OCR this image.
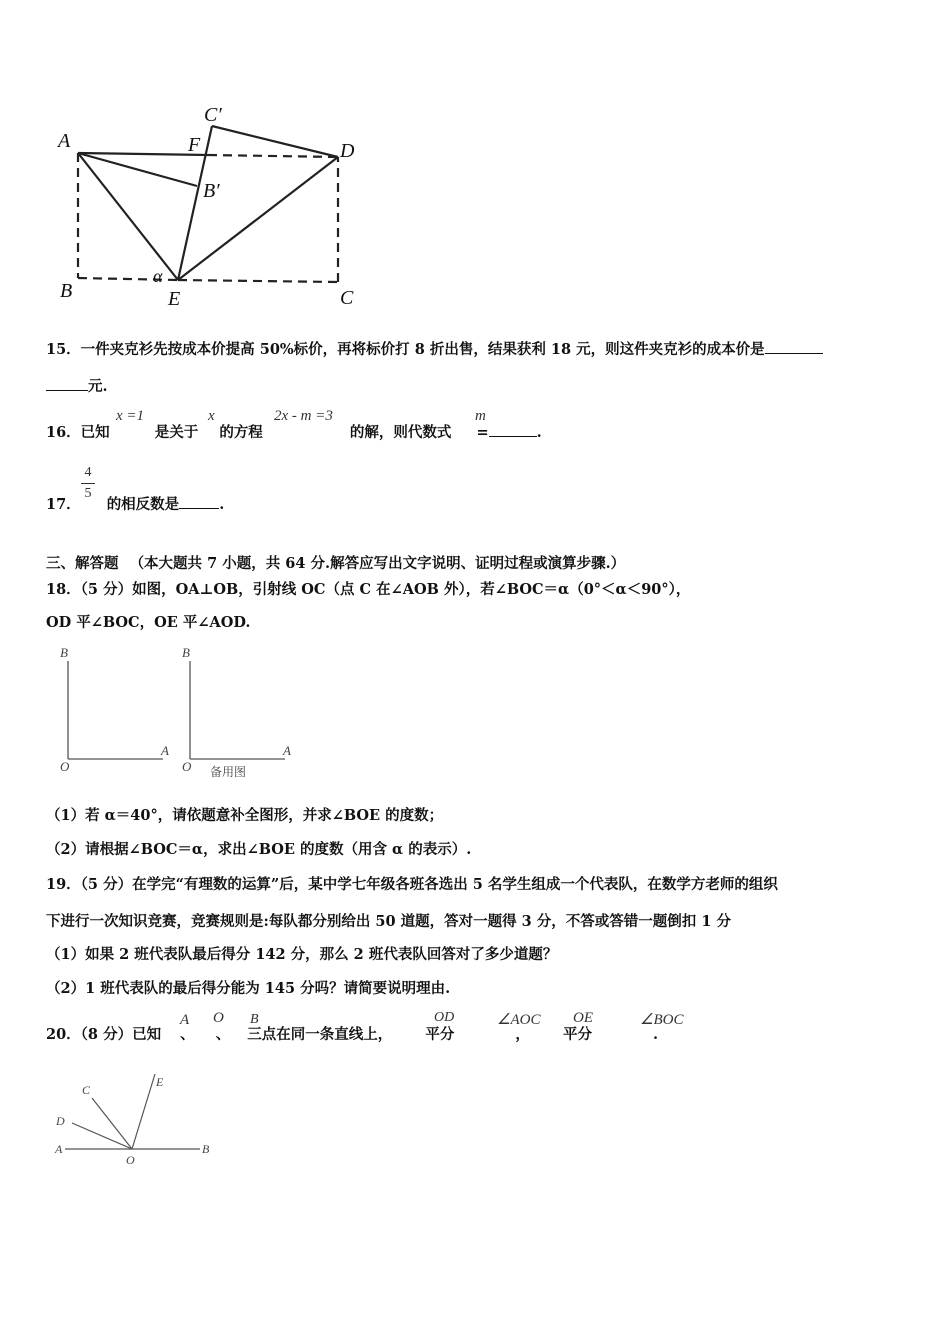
A	F
C′
D
B′
α
B	E	C
15．一件夹克衫先按成本价提高 50%标价，再将标价打 8 折出售，结果获利 18 元，则这件夹克衫的成本价是
元.
16．已知	是关于 的方程	的解，则代数式 =	.
x =1	x	2x - m =3	m
4
5
17． 的相反数是	.
三、解答题 （本大题共 7 小题，共 64 分.解答应写出文字说明、证明过程或演算步骤.）
18．（5 分）如图，OA⊥OB，引射线 OC（点 C 在∠AOB 外），若∠BOC＝α（0°＜α＜90°），
OD 平∠BOC，OE 平∠AOD.
B
A
O
B
A
O 备用图
（1）若 α＝40°，请依题意补全图形，并求∠BOE 的度数；
（2）请根据∠BOC＝α，求出∠BOE 的度数（用含 α 的表示）.
19．（5 分）在学完“有理数的运算”后，某中学七年级各班各选出 5 名学生组成一个代表队，在数学方老师的组织
下进行一次知识竞赛，竞赛规则是:每队都分别给出 50 道题，答对一题得 3 分，不答或答错一题倒扣 1 分
（1）如果 2 班代表队最后得分 142 分，那么 2 班代表队回答对了多少道题？
（2）1 班代表队的最后得分能为 145 分吗？请简要说明理由.
20．（8 分）已知 、 、 三点在同一条直线上， 平分	， 平分	.
A O B	OD	∠AOC OE	∠BOC
C
E
D
A
O
B
